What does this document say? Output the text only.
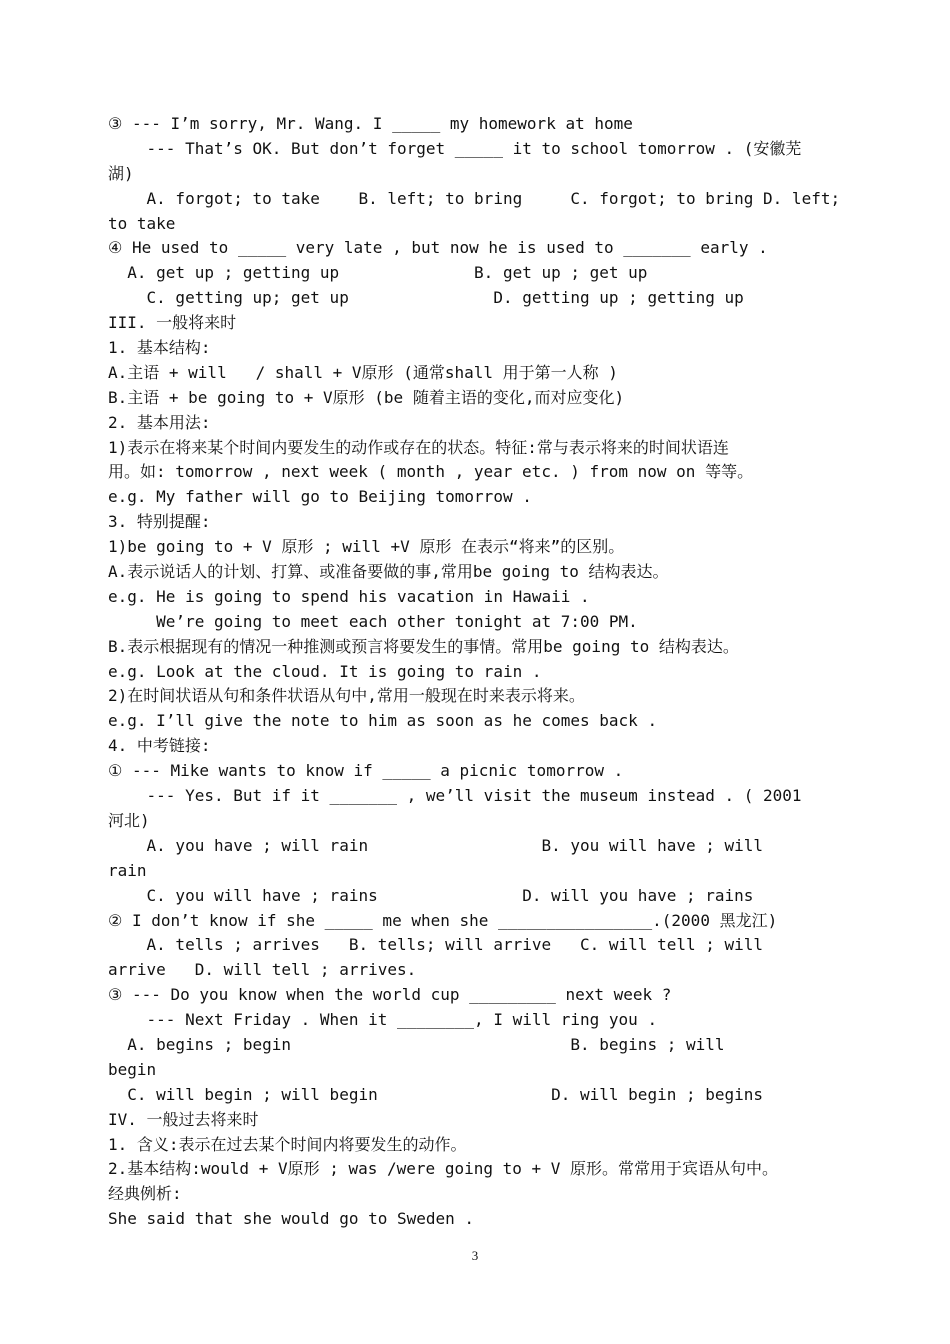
③ --- I’m sorry, Mr. Wang. I _____ my homework at home
--- That’s OK. But don’t forget _____ it to school tomorrow . (安徽芜
湖)
A. forgot; to take    B. left; to bring     C. forgot; to bring D. left;
to take
④ He used to _____ very late , but now he is used to _______ early .
A. get up ; getting up              B. get up ; get up
C. getting up; get up               D. getting up ; getting up
III. 一般将来时
1. 基本结构:
A.主语 + will   / shall + V原形 (通常shall 用于第一人称 )
B.主语 + be going to + V原形 (be 随着主语的变化,而对应变化)
2. 基本用法:
1)表示在将来某个时间内要发生的动作或存在的状态。特征:常与表示将来的时间状语连
用。如: tomorrow , next week ( month , year etc. ) from now on 等等。
e.g. My father will go to Beijing tomorrow .
3. 特别提醒:
1)be going to + V 原形 ; will +V 原形 在表示“将来”的区别。
A.表示说话人的计划、打算、或准备要做的事,常用be going to 结构表达。
e.g. He is going to spend his vacation in Hawaii .
We’re going to meet each other tonight at 7:00 PM.
B.表示根据现有的情况一种推测或预言将要发生的事情。常用be going to 结构表达。
e.g. Look at the cloud. It is going to rain .
2)在时间状语从句和条件状语从句中,常用一般现在时来表示将来。
e.g. I’ll give the note to him as soon as he comes back .
4. 中考链接:
① --- Mike wants to know if _____ a picnic tomorrow .
--- Yes. But if it _______ , we’ll visit the museum instead . ( 2001
河北)
A. you have ; will rain                  B. you will have ; will
rain
C. you will have ; rains               D. will you have ; rains
② I don’t know if she _____ me when she ________________.(2000 黑龙江)
A. tells ; arrives   B. tells; will arrive   C. will tell ; will
arrive   D. will tell ; arrives.
③ --- Do you know when the world cup _________ next week ?
--- Next Friday . When it ________, I will ring you .
A. begins ; begin                             B. begins ; will
begin
C. will begin ; will begin                  D. will begin ; begins
IV. 一般过去将来时
1. 含义:表示在过去某个时间内将要发生的动作。
2.基本结构:would + V原形 ; was /were going to + V 原形。常常用于宾语从句中。
经典例析:
She said that she would go to Sweden .
3
